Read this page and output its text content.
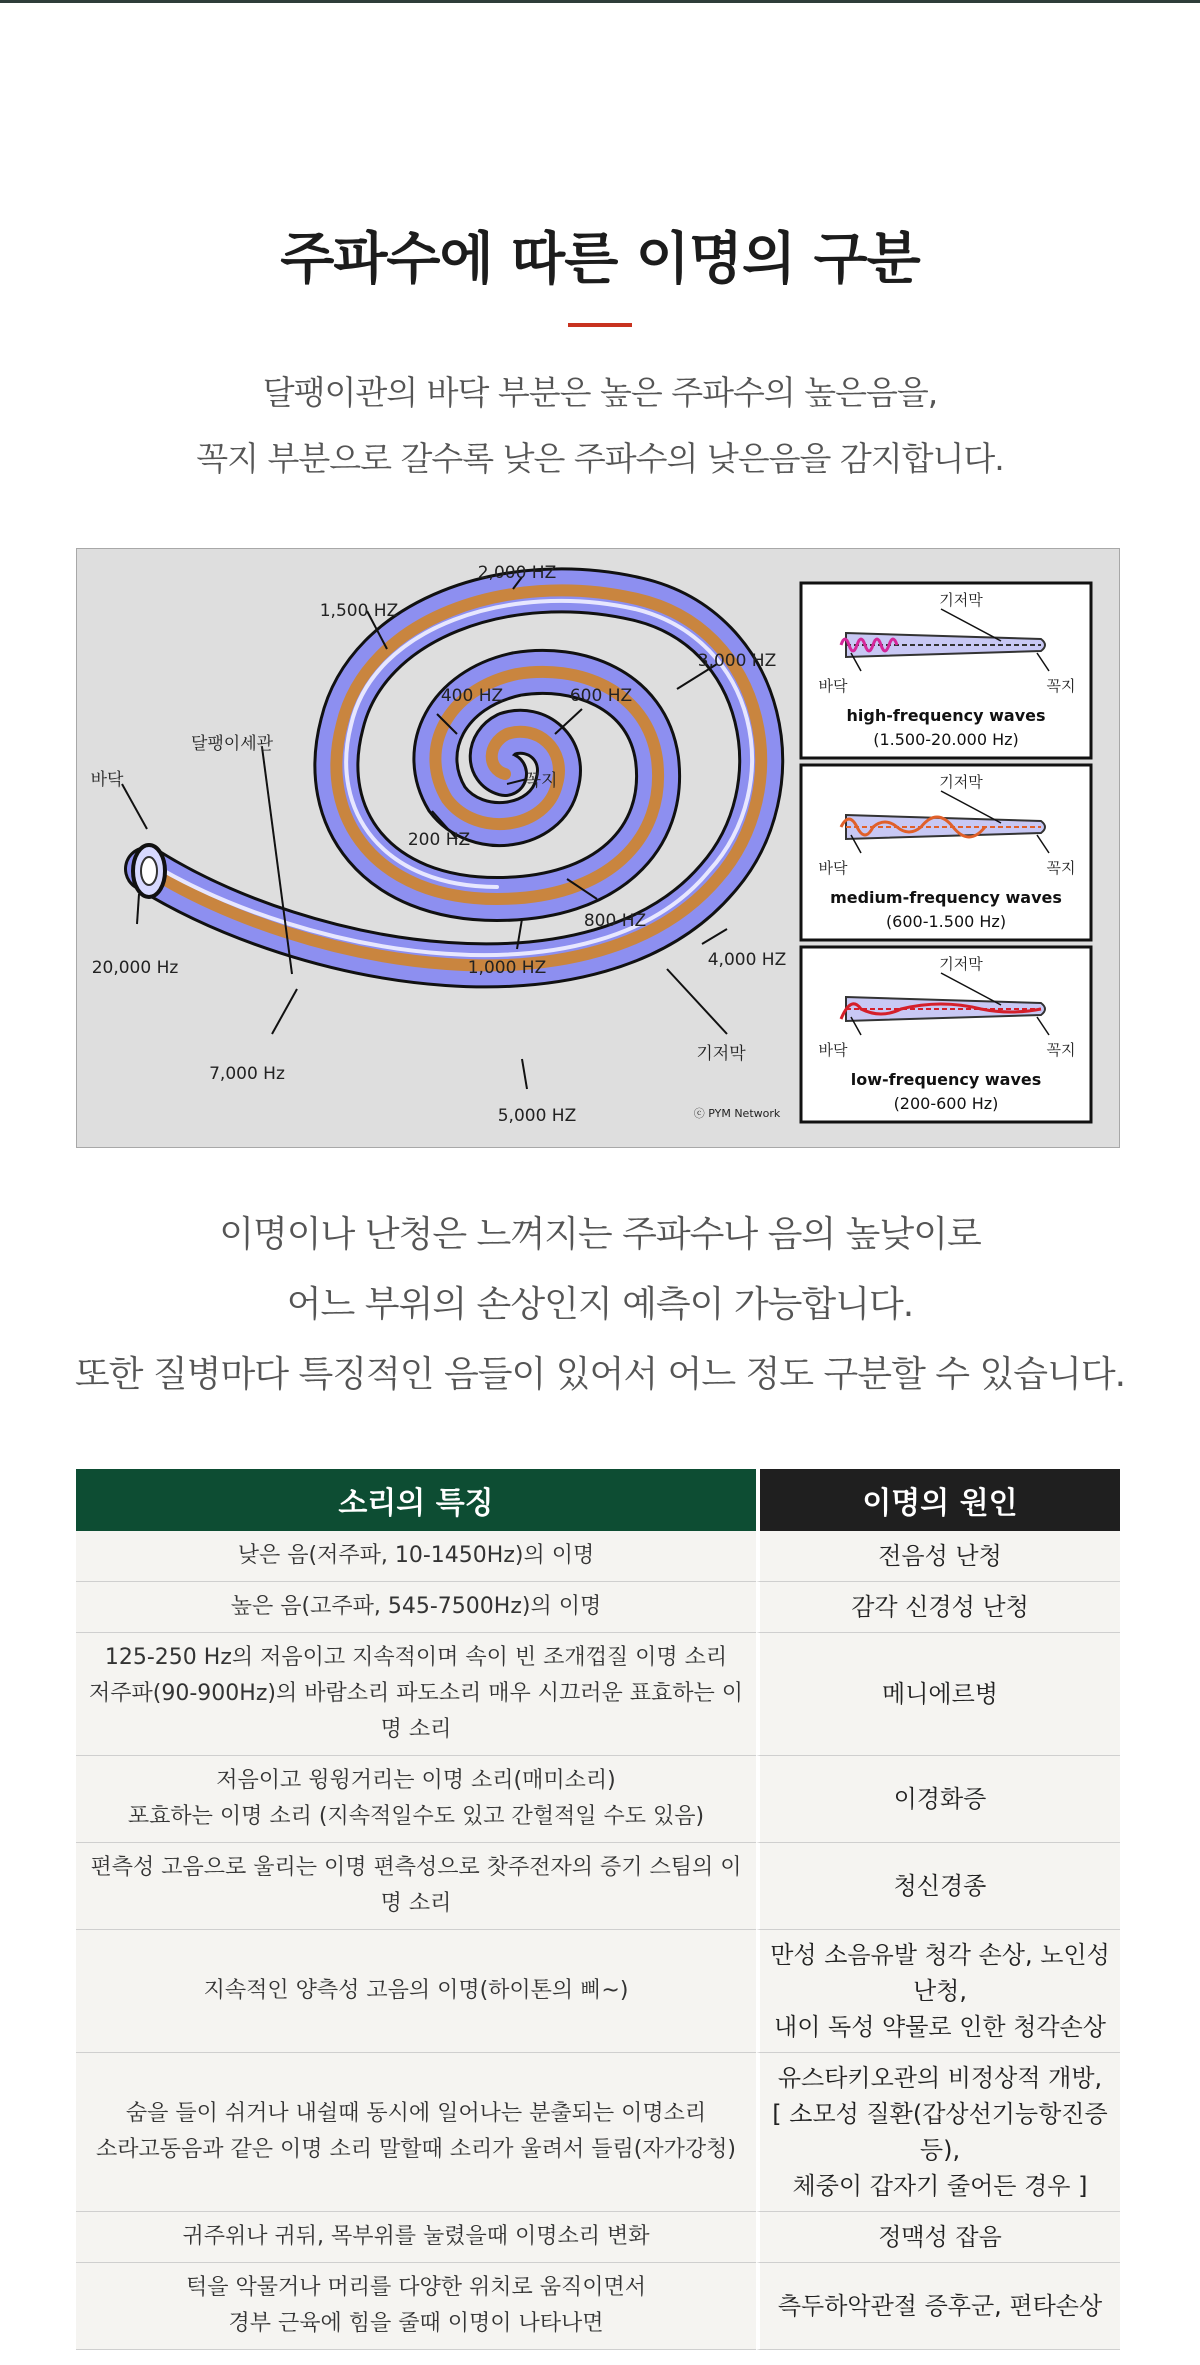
주파수에 따른 이명의 구분
달팽이관의 바닥 부분은 높은 주파수의 높은음을,
꼭지 부분으로 갈수록 낮은 주파수의 낮은음을 감지합니다.
2,000 HZ
1,500 HZ
3,000 HZ
400 HZ	600 HZ
꼭지
달팽이세관
바닥
200 HZ
800 HZ
20,000 Hz	1,000 HZ	4,000 HZ
기저막
7,000 Hz
5,000 HZ	ⓒ PYM Network
기저막
바닥	꼭지
high-frequency waves
(1.500-20.000 Hz)
기저막
바닥	꼭지
medium-frequency waves
(600-1.500 Hz)
기저막
바닥	꼭지
low-frequency waves
(200-600 Hz)
이명이나 난청은 느껴지는 주파수나 음의 높낮이로
어느 부위의 손상인지 예측이 가능합니다.
또한 질병마다 특징적인 음들이 있어서 어느 정도 구분할 수 있습니다.
소리의 특징	이명의 원인

낮은 음(저주파, 10-1450Hz)의 이명	전음성 난청

높은 음(고주파, 545-7500Hz)의 이명	감각 신경성 난청

125-250 Hz의 저음이고 지속적이며 속이 빈 조개껍질 이명 소리
저주파(90-900Hz)의 바람소리 파도소리 매우 시끄러운 표효하는 이명 소리	메니에르병

저음이고 윙윙거리는 이명 소리(매미소리)
포효하는 이명 소리 (지속적일수도 있고 간헐적일 수도 있음)	이경화증

편측성 고음으로 울리는 이명 편측성으로 찻주전자의 증기 스팀의 이명 소리	청신경종

지속적인 양측성 고음의 이명(하이톤의 삐~)	만성 소음유발 청각 손상, 노인성 난청,
내이 독성 약물로 인한 청각손상

숨을 들이 쉬거나 내쉴때 동시에 일어나는 분출되는 이명소리
소라고동음과 같은 이명 소리 말할때 소리가 울려서 들림(자가강청)	유스타키오관의 비정상적 개방,
[ 소모성 질환(갑상선기능항진증 등),
체중이 갑자기 줄어든 경우 ]

귀주위나 귀뒤, 목부위를 눌렸을때 이명소리 변화	정맥성 잡음

턱을 악물거나 머리를 다양한 위치로 움직이면서
경부 근육에 힘을 줄때 이명이 나타나면	측두하악관절 증후군, 편타손상
